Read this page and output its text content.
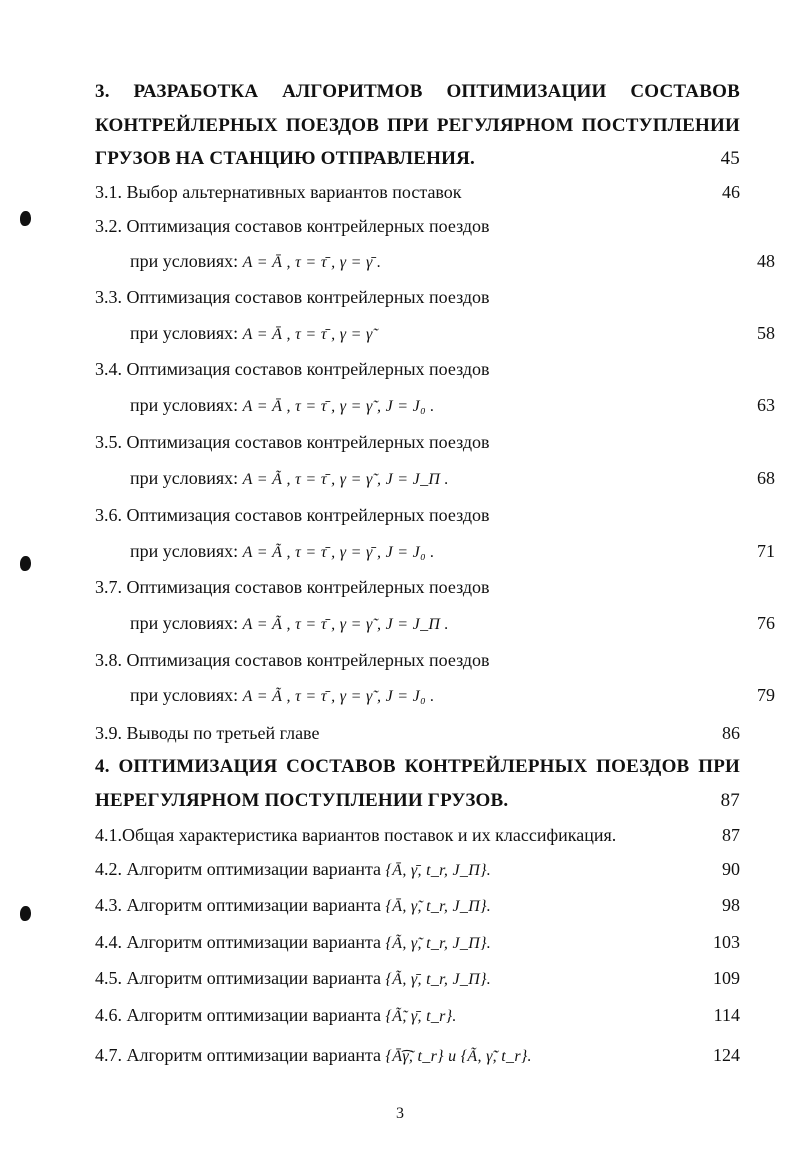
3. РАЗРАБОТКА АЛГОРИТМОВ ОПТИМИЗАЦИИ СОСТАВОВ
КОНТРЕЙЛЕРНЫХ ПОЕЗДОВ ПРИ РЕГУЛЯРНОМ ПОСТУПЛЕНИИ
ГРУЗОВ НА СТАНЦИЮ ОТПРАВЛЕНИЯ.	45
3.1. Выбор альтернативных вариантов поставок	46
3.2. Оптимизация составов контрейлерных поездов
при условиях: A = Ā , τ = τ̄ , γ = γ̄ .	48
3.3. Оптимизация составов контрейлерных поездов
при условиях: A = Ā , τ = τ̄ , γ = γ̃	58
3.4. Оптимизация составов контрейлерных поездов
при условиях: A = Ā , τ = τ̄ , γ = γ̃ , J = J₀ .	63
3.5. Оптимизация составов контрейлерных поездов
при условиях: A = Ã , τ = τ̄ , γ = γ̃ , J = J_П .	68
3.6. Оптимизация составов контрейлерных поездов
при условиях: A = Ã , τ = τ̄ , γ = γ̄ , J = J₀ .	71
3.7. Оптимизация составов контрейлерных поездов
при условиях: A = Ã , τ = τ̄ , γ = γ̃ , J = J_П .	76
3.8. Оптимизация составов контрейлерных поездов
при условиях: A = Ã , τ = τ̄ , γ = γ̃ , J = J₀ .	79
3.9. Выводы по третьей главе	86
4. ОПТИМИЗАЦИЯ СОСТАВОВ КОНТРЕЙЛЕРНЫХ ПОЕЗДОВ ПРИ
НЕРЕГУЛЯРНОМ ПОСТУПЛЕНИИ ГРУЗОВ.	87
4.1.Общая характеристика вариантов поставок и их классификация.	87
4.2. Алгоритм оптимизации варианта {Ā, γ̄, t_r, J_П}.	90
4.3. Алгоритм оптимизации варианта {Ā, γ̃, t_r, J_П}.	98
4.4. Алгоритм оптимизации варианта {Ã, γ̃, t_r, J_П}.	103
4.5. Алгоритм оптимизации варианта {Ã, γ̄, t_r, J_П}.	109
4.6. Алгоритм оптимизации варианта {Ã̃, γ̄, t_r}.	114
4.7. Алгоритм оптимизации варианта {Ā͡γ̃, t_r} и {Ã, γ̃̃, t_r}.	124
3
